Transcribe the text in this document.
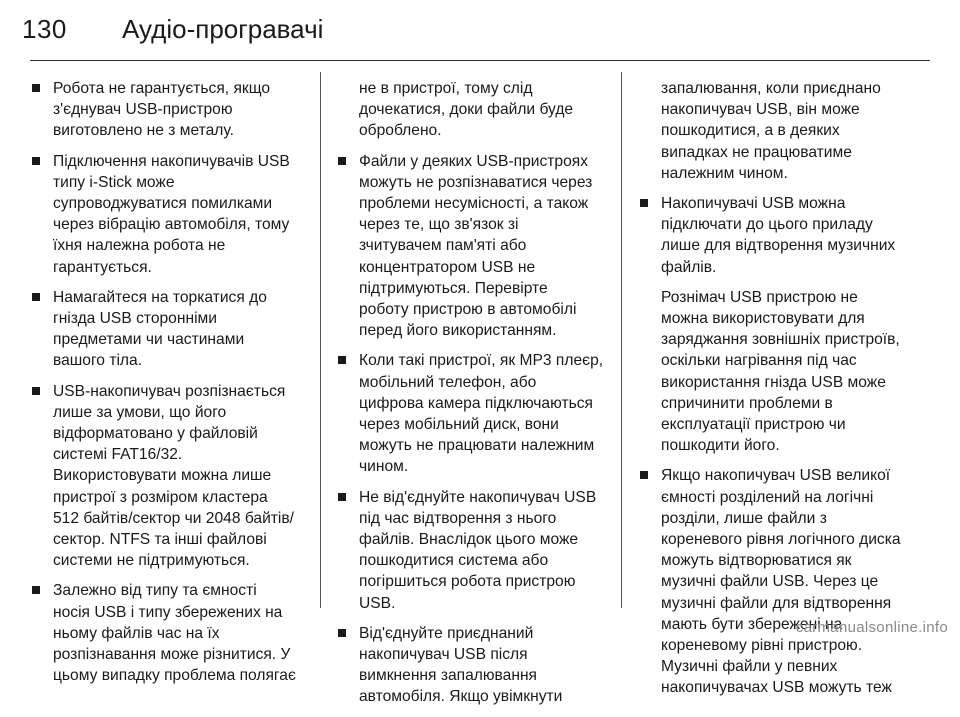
130	Аудіо-програвачі
Робота не гарантується, якщо
з'єднувач USB-пристрою
виготовлено не з металу.
Підключення накопичувачів USB
типу i-Stick може
супроводжуватися помилками
через вібрацію автомобіля, тому
їхня належна робота не
гарантується.
Намагайтеся на торкатися до
гнізда USB сторонніми
предметами чи частинами
вашого тіла.
USB-накопичувач розпізнається
лише за умови, що його
відформатовано у файловій
системі FAT16/32.
Використовувати можна лише
пристрої з розміром кластера
512 байтів/сектор чи 2048 байтів/
сектор. NTFS та інші файлові
системи не підтримуються.
Залежно від типу та ємності
носія USB і типу збережених на
ньому файлів час на їх
розпізнавання може різнитися. У
цьому випадку проблема полягає
не в пристрої, тому слід
дочекатися, доки файли буде
оброблено.
Файли у деяких USB-пристроях
можуть не розпізнаватися через
проблеми несумісності, а також
через те, що зв'язок зі
зчитувачем пам'яті або
концентратором USB не
підтримуються. Перевірте
роботу пристрою в автомобілі
перед його використанням.
Коли такі пристрої, як MP3 плеєр,
мобільний телефон, або
цифрова камера підключаються
через мобільний диск, вони
можуть не працювати належним
чином.
Не від'єднуйте накопичувач USB
під час відтворення з нього
файлів. Внаслідок цього може
пошкодитися система або
погіршиться робота пристрою
USB.
Від'єднуйте приєднаний
накопичувач USB після
вимкнення запалювання
автомобіля. Якщо увімкнути
запалювання, коли приєднано
накопичувач USB, він може
пошкодитися, а в деяких
випадках не працюватиме
належним чином.
Накопичувачі USB можна
підключати до цього приладу
лише для відтворення музичних
файлів.
Рознімач USB пристрою не
можна використовувати для
заряджання зовнішніх пристроїв,
оскільки нагрівання під час
використання гнізда USB може
спричинити проблеми в
експлуатації пристрою чи
пошкодити його.
Якщо накопичувач USB великої
ємності розділений на логічні
розділи, лише файли з
кореневого рівня логічного диска
можуть відтворюватися як
музичні файли USB. Через це
музичні файли для відтворення
мають бути збережені на
кореневому рівні пристрою.
Музичні файли у певних
накопичувачах USB можуть теж
carmanualsonline.info
